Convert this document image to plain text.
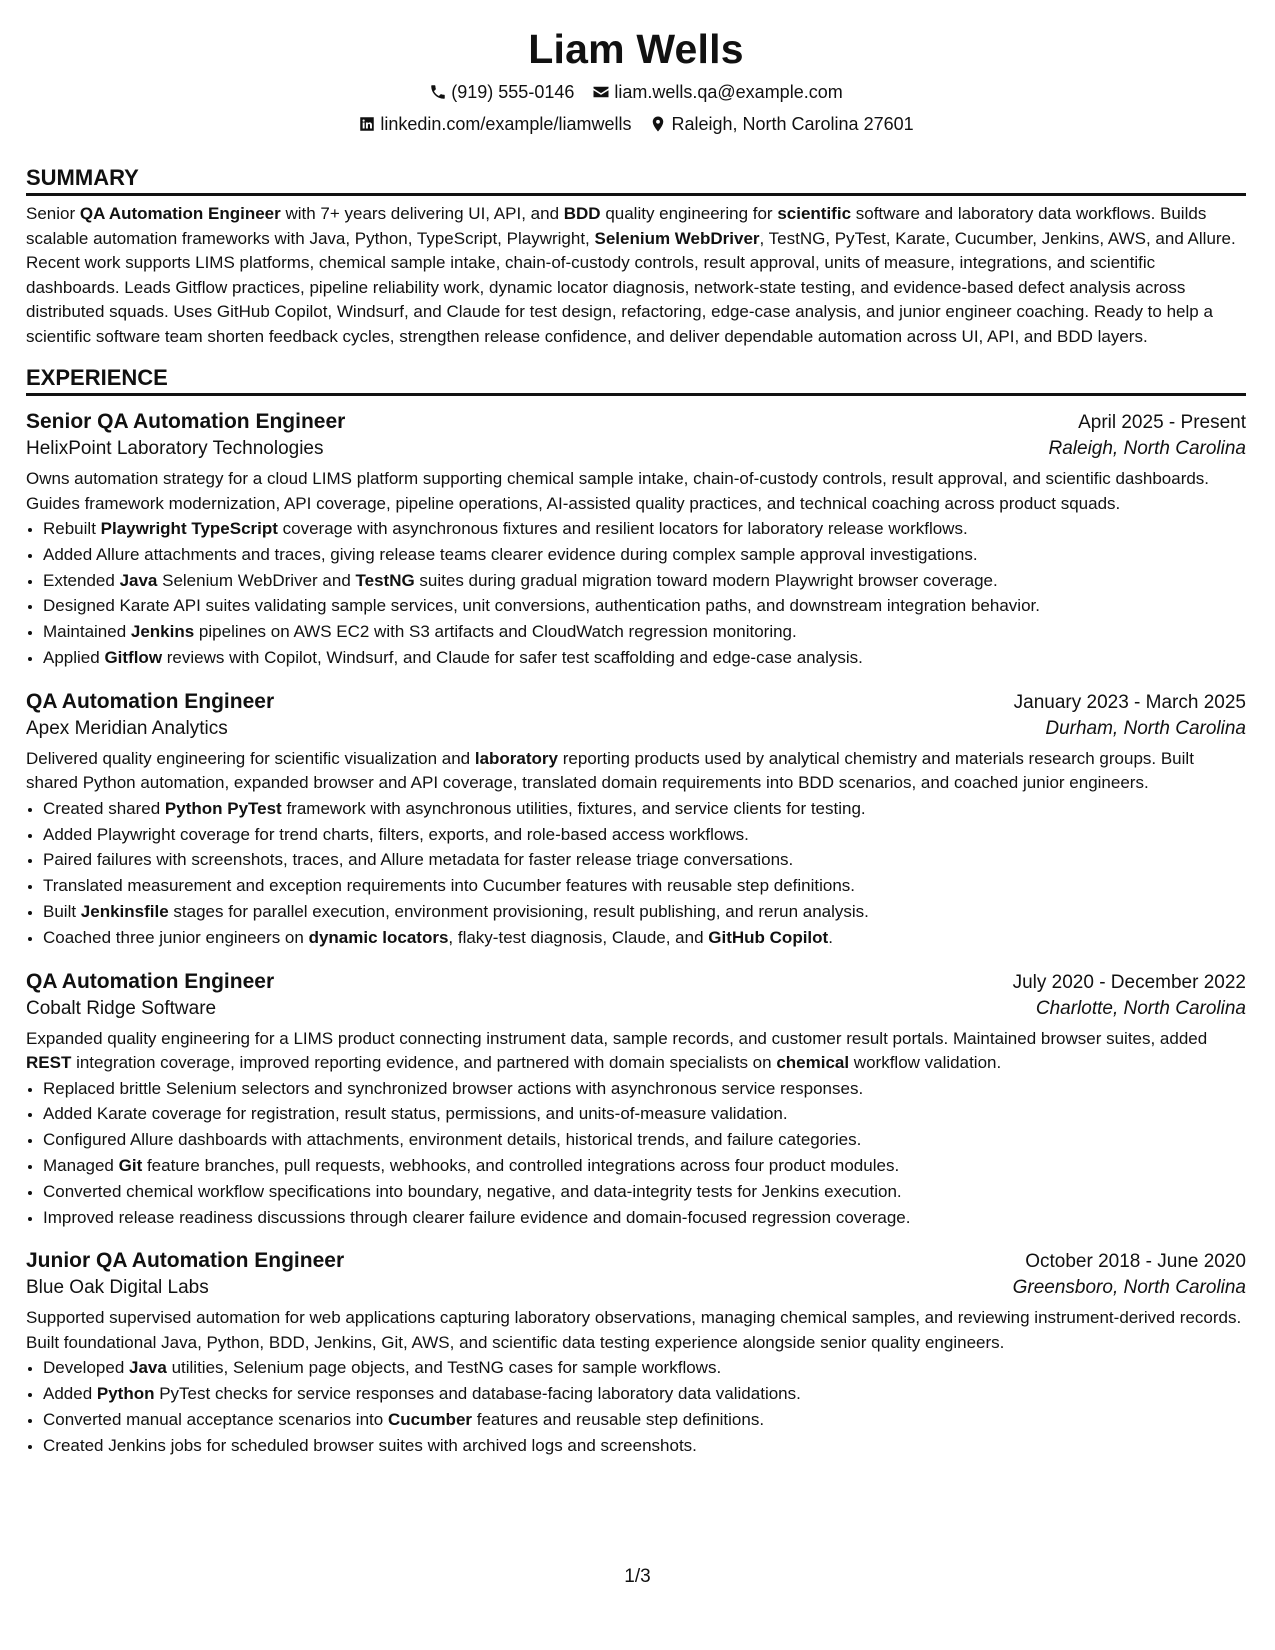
Liam Wells
(919) 555-0146 liam.wells.qa@example.com
linkedin.com/example/liamwells Raleigh, North Carolina 27601
SUMMARY
Senior QA Automation Engineer with 7+ years delivering UI, API, and BDD quality engineering for scientific software and laboratory data workflows. Builds scalable automation frameworks with Java, Python, TypeScript, Playwright, Selenium WebDriver, TestNG, PyTest, Karate, Cucumber, Jenkins, AWS, and Allure. Recent work supports LIMS platforms, chemical sample intake, chain-of-custody controls, result approval, units of measure, integrations, and scientific dashboards. Leads Gitflow practices, pipeline reliability work, dynamic locator diagnosis, network-state testing, and evidence-based defect analysis across distributed squads. Uses GitHub Copilot, Windsurf, and Claude for test design, refactoring, edge-case analysis, and junior engineer coaching. Ready to help a scientific software team shorten feedback cycles, strengthen release confidence, and deliver dependable automation across UI, API, and BDD layers.
EXPERIENCE
Senior QA Automation Engineer	April 2025 - Present
HelixPoint Laboratory Technologies	Raleigh, North Carolina
Owns automation strategy for a cloud LIMS platform supporting chemical sample intake, chain-of-custody controls, result approval, and scientific dashboards. Guides framework modernization, API coverage, pipeline operations, AI-assisted quality practices, and technical coaching across product squads.
• Rebuilt Playwright TypeScript coverage with asynchronous fixtures and resilient locators for laboratory release workflows.
• Added Allure attachments and traces, giving release teams clearer evidence during complex sample approval investigations.
• Extended Java Selenium WebDriver and TestNG suites during gradual migration toward modern Playwright browser coverage.
• Designed Karate API suites validating sample services, unit conversions, authentication paths, and downstream integration behavior.
• Maintained Jenkins pipelines on AWS EC2 with S3 artifacts and CloudWatch regression monitoring.
• Applied Gitflow reviews with Copilot, Windsurf, and Claude for safer test scaffolding and edge-case analysis.
QA Automation Engineer	January 2023 - March 2025
Apex Meridian Analytics	Durham, North Carolina
Delivered quality engineering for scientific visualization and laboratory reporting products used by analytical chemistry and materials research groups. Built shared Python automation, expanded browser and API coverage, translated domain requirements into BDD scenarios, and coached junior engineers.
• Created shared Python PyTest framework with asynchronous utilities, fixtures, and service clients for testing.
• Added Playwright coverage for trend charts, filters, exports, and role-based access workflows.
• Paired failures with screenshots, traces, and Allure metadata for faster release triage conversations.
• Translated measurement and exception requirements into Cucumber features with reusable step definitions.
• Built Jenkinsfile stages for parallel execution, environment provisioning, result publishing, and rerun analysis.
• Coached three junior engineers on dynamic locators, flaky-test diagnosis, Claude, and GitHub Copilot.
QA Automation Engineer	July 2020 - December 2022
Cobalt Ridge Software	Charlotte, North Carolina
Expanded quality engineering for a LIMS product connecting instrument data, sample records, and customer result portals. Maintained browser suites, added REST integration coverage, improved reporting evidence, and partnered with domain specialists on chemical workflow validation.
• Replaced brittle Selenium selectors and synchronized browser actions with asynchronous service responses.
• Added Karate coverage for registration, result status, permissions, and units-of-measure validation.
• Configured Allure dashboards with attachments, environment details, historical trends, and failure categories.
• Managed Git feature branches, pull requests, webhooks, and controlled integrations across four product modules.
• Converted chemical workflow specifications into boundary, negative, and data-integrity tests for Jenkins execution.
• Improved release readiness discussions through clearer failure evidence and domain-focused regression coverage.
Junior QA Automation Engineer	October 2018 - June 2020
Blue Oak Digital Labs	Greensboro, North Carolina
Supported supervised automation for web applications capturing laboratory observations, managing chemical samples, and reviewing instrument-derived records. Built foundational Java, Python, BDD, Jenkins, Git, AWS, and scientific data testing experience alongside senior quality engineers.
• Developed Java utilities, Selenium page objects, and TestNG cases for sample workflows.
• Added Python PyTest checks for service responses and database-facing laboratory data validations.
• Converted manual acceptance scenarios into Cucumber features and reusable step definitions.
• Created Jenkins jobs for scheduled browser suites with archived logs and screenshots.
1/3
